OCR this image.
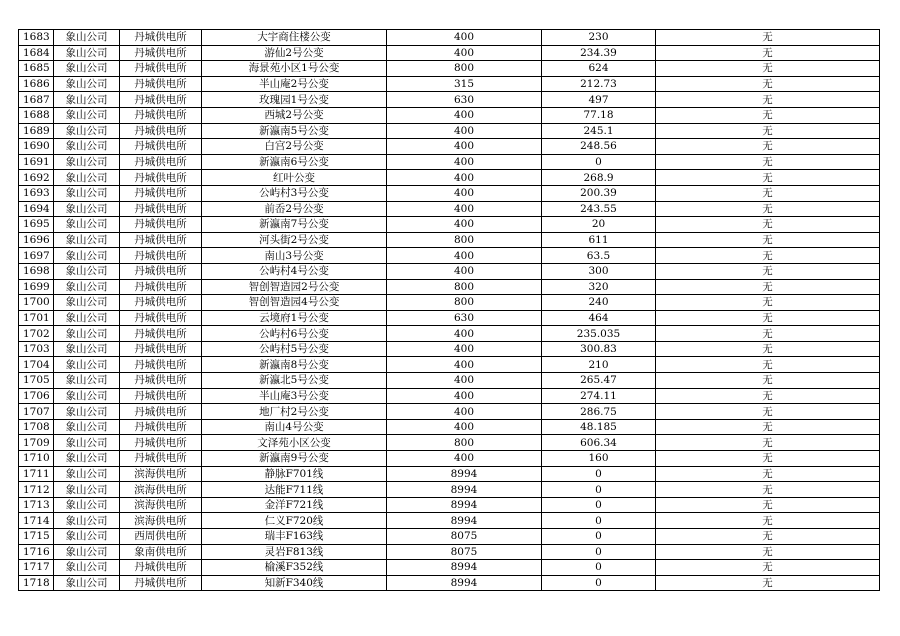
1683	象山公司	丹城供电所	大宇商住楼公变	400	230	无
1684	象山公司	丹城供电所	游仙2号公变	400	234.39	无
1685	象山公司	丹城供电所	海景苑小区1号公变	800	624	无
1686	象山公司	丹城供电所	半山庵2号公变	315	212.73	无
1687	象山公司	丹城供电所	玫瑰园1号公变	630	497	无
1688	象山公司	丹城供电所	西城2号公变	400	77.18	无
1689	象山公司	丹城供电所	新瀛南5号公变	400	245.1	无
1690	象山公司	丹城供电所	白宫2号公变	400	248.56	无
1691	象山公司	丹城供电所	新瀛南6号公变	400	0	无
1692	象山公司	丹城供电所	红叶公变	400	268.9	无
1693	象山公司	丹城供电所	公屿村3号公变	400	200.39	无
1694	象山公司	丹城供电所	前岙2号公变	400	243.55	无
1695	象山公司	丹城供电所	新瀛南7号公变	400	20	无
1696	象山公司	丹城供电所	河头街2号公变	800	611	无
1697	象山公司	丹城供电所	南山3号公变	400	63.5	无
1698	象山公司	丹城供电所	公屿村4号公变	400	300	无
1699	象山公司	丹城供电所	智创智造园2号公变	800	320	无
1700	象山公司	丹城供电所	智创智造园4号公变	800	240	无
1701	象山公司	丹城供电所	云境府1号公变	630	464	无
1702	象山公司	丹城供电所	公屿村6号公变	400	235.035	无
1703	象山公司	丹城供电所	公屿村5号公变	400	300.83	无
1704	象山公司	丹城供电所	新瀛南8号公变	400	210	无
1705	象山公司	丹城供电所	新瀛北5号公变	400	265.47	无
1706	象山公司	丹城供电所	半山庵3号公变	400	274.11	无
1707	象山公司	丹城供电所	地厂村2号公变	400	286.75	无
1708	象山公司	丹城供电所	南山4号公变	400	48.185	无
1709	象山公司	丹城供电所	文泽苑小区公变	800	606.34	无
1710	象山公司	丹城供电所	新瀛南9号公变	400	160	无
1711	象山公司	滨海供电所	静脉F701线	8994	0	无
1712	象山公司	滨海供电所	达能F711线	8994	0	无
1713	象山公司	滨海供电所	金洋F721线	8994	0	无
1714	象山公司	滨海供电所	仁义F720线	8994	0	无
1715	象山公司	西周供电所	瑞丰F163线	8075	0	无
1716	象山公司	象南供电所	灵岩F813线	8075	0	无
1717	象山公司	丹城供电所	榆溪F352线	8994	0	无
1718	象山公司	丹城供电所	知新F340线	8994	0	无
